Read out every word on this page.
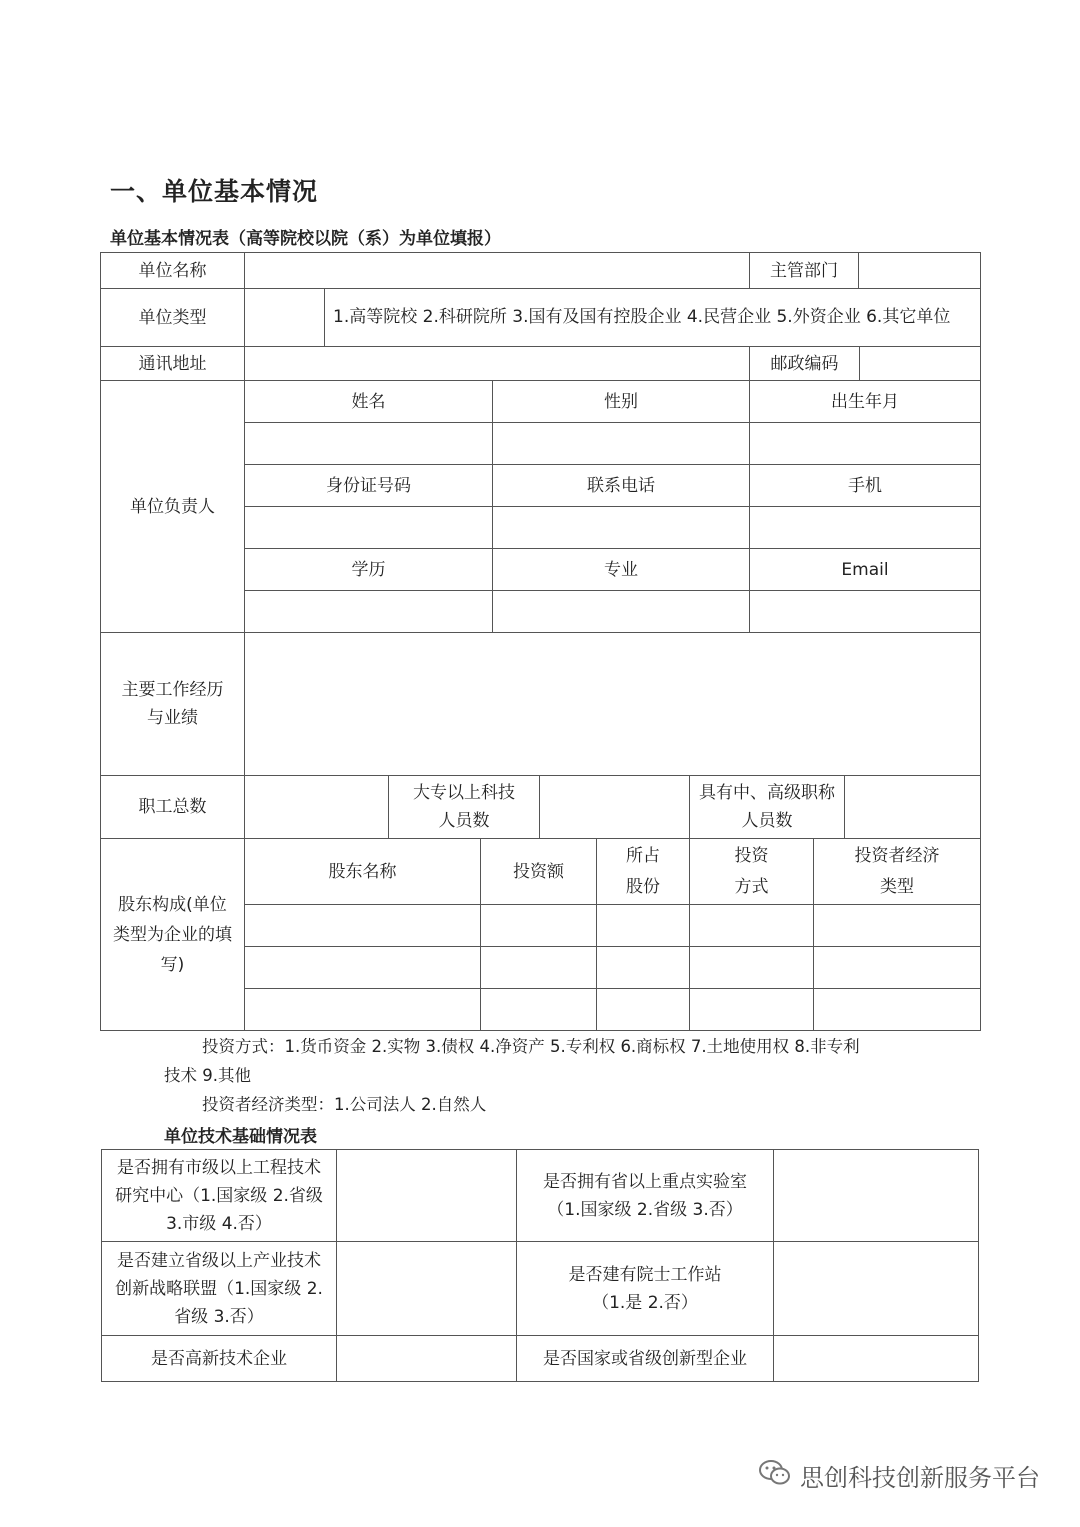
一、单位基本情况
单位基本情况表（高等院校以院（系）为单位填报）
单位名称			主管部门	
单位类型		1.高等院校 2.科研院所 3.国有及国有控股企业 4.民营企业 5.外资企业 6.其它单位		
通讯地址		邮政编码	
单位负责人	姓名	性别	出生年月

	身份证号码	联系电话	手机

	学历	专业	Email

主要工作经历与业绩			
职工总数		大专以上科技人员数		具有中、高级职称人员数	
股东构成(单位类型为企业的填写)	股东名称	投资额	所占股份	投资方式	投资者经济类型

投资方式：1.货币资金 2.实物 3.债权 4.净资产 5.专利权 6.商标权 7.土地使用权 8.非专利
技术 9.其他
投资者经济类型：1.公司法人 2.自然人
单位技术基础情况表
是否拥有市级以上工程技术研究中心（1.国家级 2.省级 3.市级 4.否）		是否拥有省以上重点实验室
（1.国家级 2.省级 3.否）	

是否建立省级以上产业技术创新战略联盟（1.国家级 2.省级 3.否）		是否建有院士工作站
（1.是 2.否）	

是否高新技术企业		是否国家或省级创新型企业	
思创科技创新服务平台
